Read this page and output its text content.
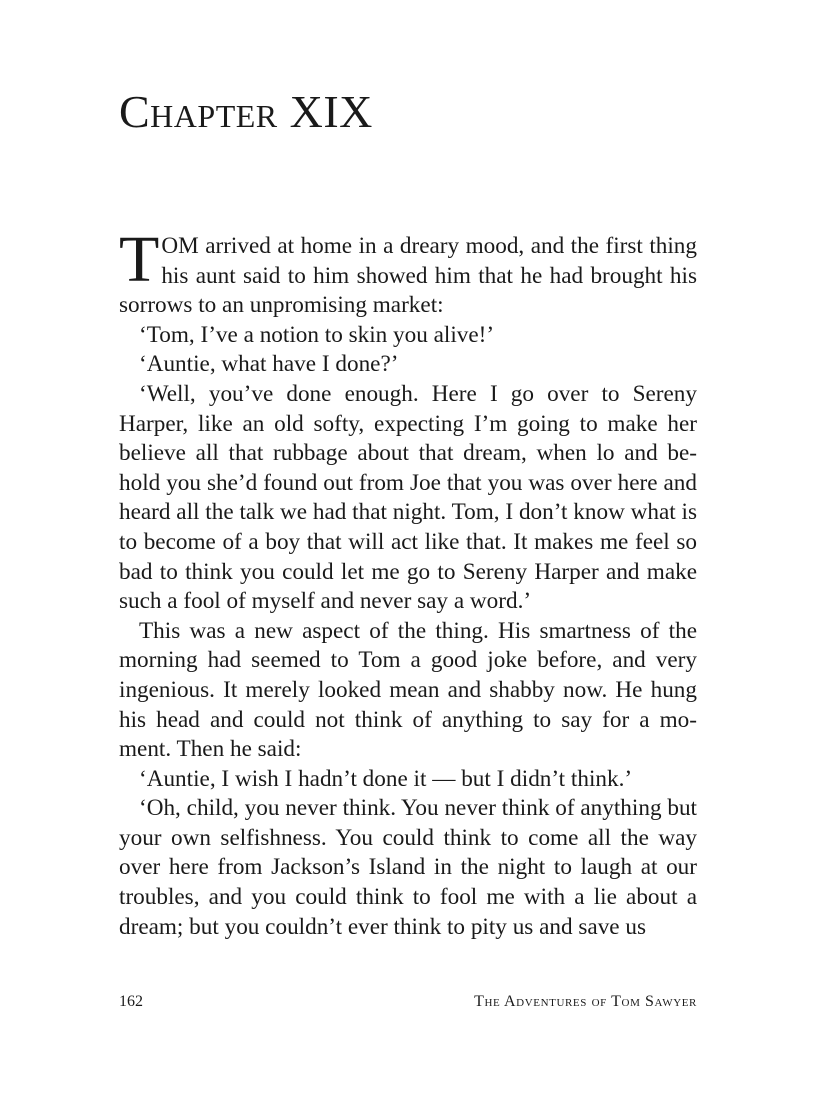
Chapter XIX

TOM arrived at home in a dreary mood, and the first thing his aunt said to him showed him that he had brought his sorrows to an unpromising market:

‘Tom, I’ve a notion to skin you alive!’

‘Auntie, what have I done?’

‘Well, you’ve done enough. Here I go over to Sereny Harper, like an old softy, expecting I’m going to make her believe all that rubbage about that dream, when lo and be-hold you she’d found out from Joe that you was over here and heard all the talk we had that night. Tom, I don’t know what is to become of a boy that will act like that. It makes me feel so bad to think you could let me go to Sereny Harper and make such a fool of myself and never say a word.’

This was a new aspect of the thing. His smartness of the morning had seemed to Tom a good joke before, and very ingenious. It merely looked mean and shabby now. He hung his head and could not think of anything to say for a mo-ment. Then he said:

‘Auntie, I wish I hadn’t done it — but I didn’t think.’

‘Oh, child, you never think. You never think of anything but your own selfishness. You could think to come all the way over here from Jackson’s Island in the night to laugh at our troubles, and you could think to fool me with a lie about a dream; but you couldn’t ever think to pity us and save us

162	The Adventures of Tom Sawyer
